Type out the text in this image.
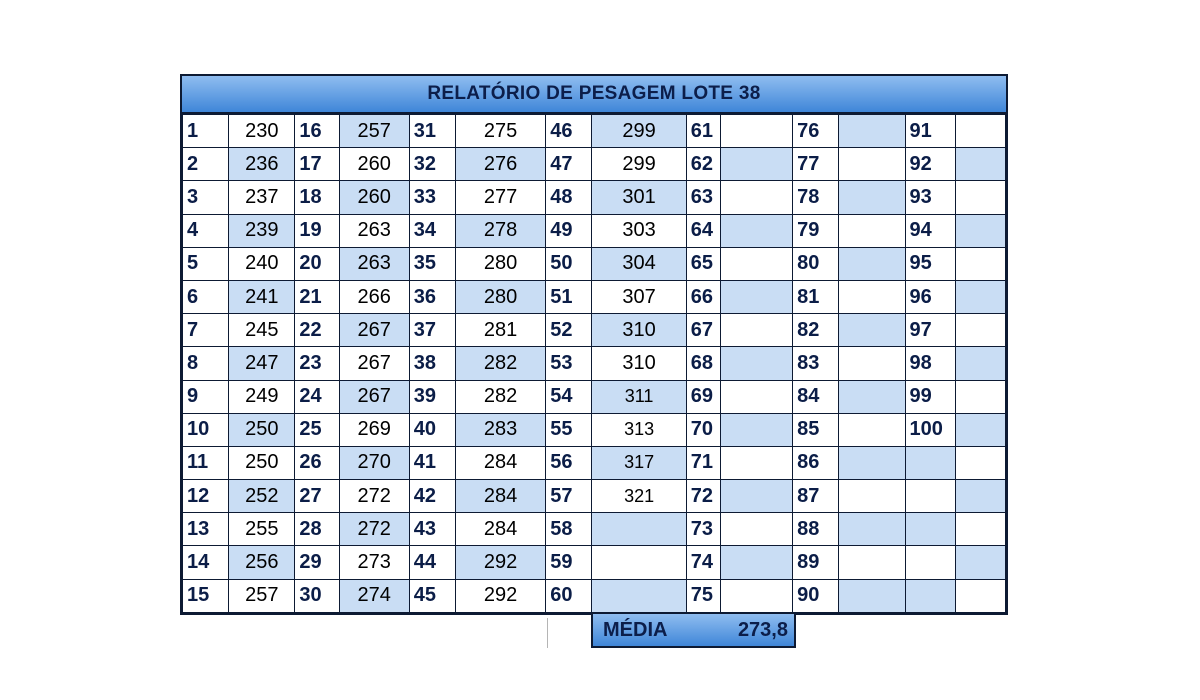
RELATÓRIO DE PESAGEM LOTE 38
1	230	16	257	31	275	46	299	61		76		91	
2	236	17	260	32	276	47	299	62		77		92	
3	237	18	260	33	277	48	301	63		78		93	
4	239	19	263	34	278	49	303	64		79		94	
5	240	20	263	35	280	50	304	65		80		95	
6	241	21	266	36	280	51	307	66		81		96	
7	245	22	267	37	281	52	310	67		82		97	
8	247	23	267	38	282	53	310	68		83		98	
9	249	24	267	39	282	54	311	69		84		99	
10	250	25	269	40	283	55	313	70		85		100	
11	250	26	270	41	284	56	317	71		86			
12	252	27	272	42	284	57	321	72		87			
13	255	28	272	43	284	58		73		88			
14	256	29	273	44	292	59		74		89			
15	257	30	274	45	292	60		75		90			
MÉDIA	273,8
